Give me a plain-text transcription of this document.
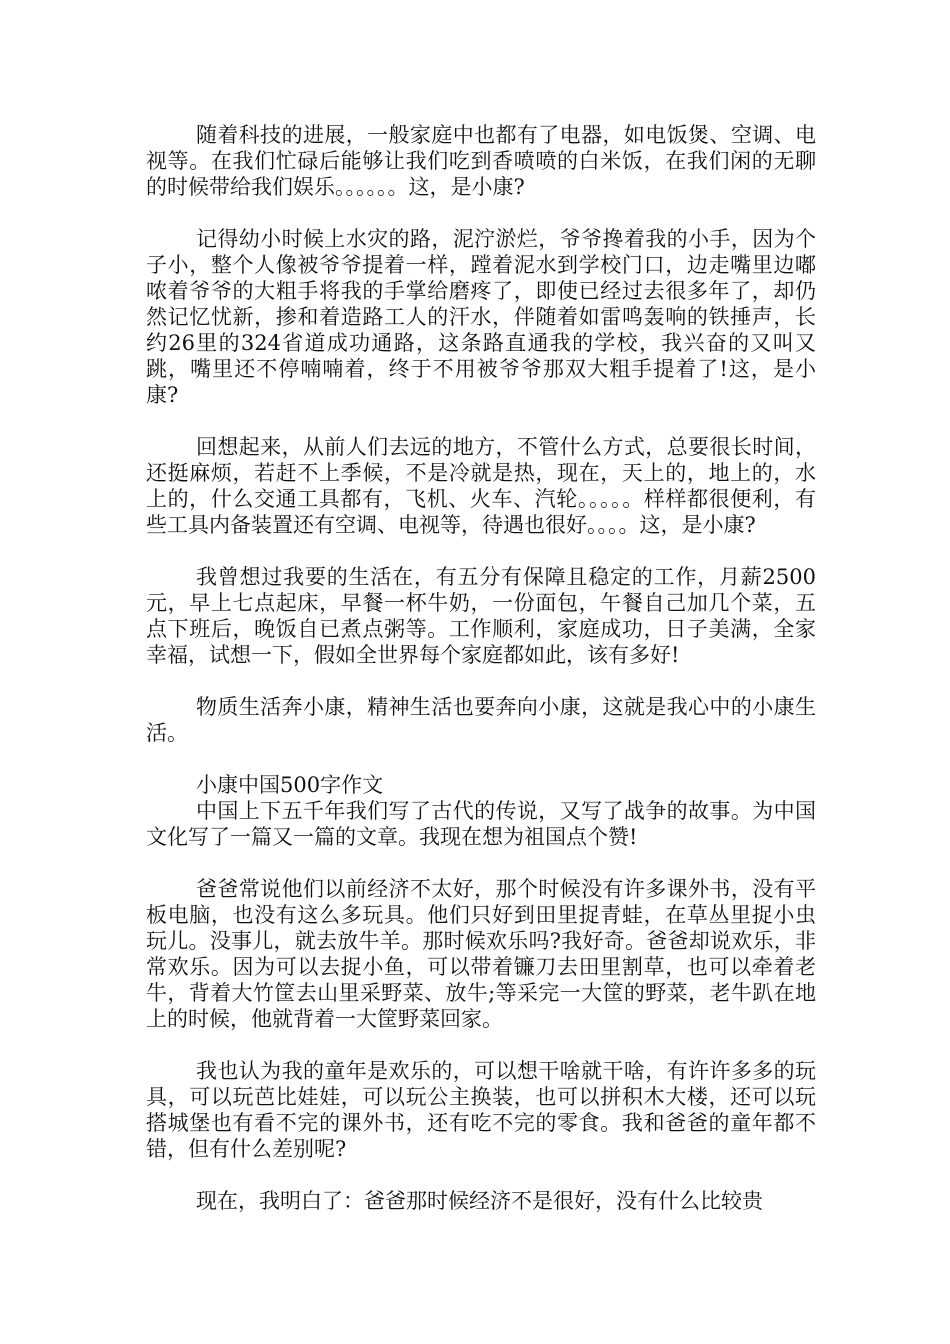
随着科技的进展，一般家庭中也都有了电器，如电饭煲、空调、电视等。在我们忙碌后能够让我们吃到香喷喷的白米饭，在我们闲的无聊的时候带给我们娱乐。。。。。。这，是小康?

记得幼小时候上水灾的路，泥泞淤烂，爷爷搀着我的小手，因为个子小，整个人像被爷爷提着一样，蹚着泥水到学校门口，边走嘴里边嘟哝着爷爷的大粗手将我的手掌给磨疼了，即使已经过去很多年了，却仍然记忆忧新，掺和着造路工人的汗水，伴随着如雷鸣轰响的铁捶声，长约26里的324省道成功通路，这条路直通我的学校，我兴奋的又叫又跳，嘴里还不停喃喃着，终于不用被爷爷那双大粗手提着了!这，是小康?

回想起来，从前人们去远的地方，不管什么方式，总要很长时间，还挺麻烦，若赶不上季候，不是冷就是热，现在，天上的，地上的，水上的，什么交通工具都有，飞机、火车、汽轮。。。。。样样都很便利，有些工具内备装置还有空调、电视等，待遇也很好。。。。这，是小康?

我曾想过我要的生活在，有五分有保障且稳定的工作，月薪2500元，早上七点起床，早餐一杯牛奶，一份面包，午餐自己加几个菜，五点下班后，晚饭自已煮点粥等。工作顺利，家庭成功，日子美满，全家幸福，试想一下，假如全世界每个家庭都如此，该有多好!

物质生活奔小康，精神生活也要奔向小康，这就是我心中的小康生活。

小康中国500字作文

中国上下五千年我们写了古代的传说，又写了战争的故事。为中国文化写了一篇又一篇的文章。我现在想为祖国点个赞!

爸爸常说他们以前经济不太好，那个时候没有许多课外书，没有平板电脑，也没有这么多玩具。他们只好到田里捉青蛙，在草丛里捉小虫玩儿。没事儿，就去放牛羊。那时候欢乐吗?我好奇。爸爸却说欢乐，非常欢乐。因为可以去捉小鱼，可以带着镰刀去田里割草，也可以牵着老牛，背着大竹筐去山里采野菜、放牛;等采完一大筐的野菜，老牛趴在地上的时候，他就背着一大筐野菜回家。

我也认为我的童年是欢乐的，可以想干啥就干啥，有许许多多的玩具，可以玩芭比娃娃，可以玩公主换装，也可以拼积木大楼，还可以玩搭城堡也有看不完的课外书，还有吃不完的零食。我和爸爸的童年都不错，但有什么差别呢?

现在，我明白了：爸爸那时候经济不是很好，没有什么比较贵
